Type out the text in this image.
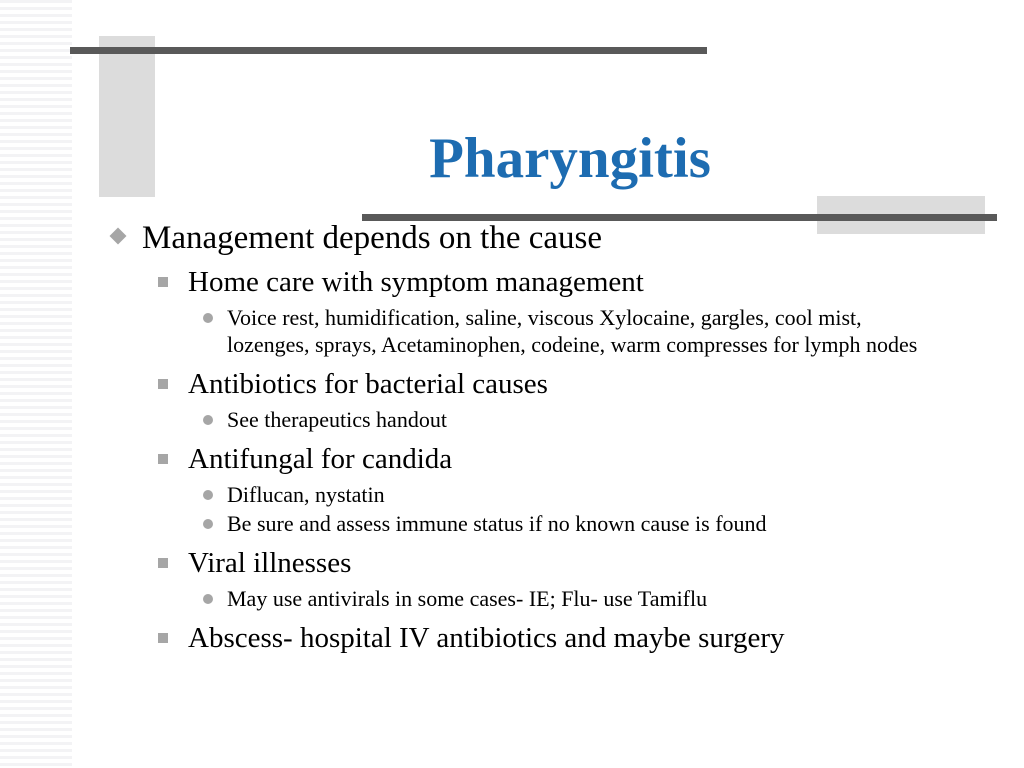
Pharyngitis
Management depends on the cause
Home care with symptom management
Voice rest, humidification, saline, viscous Xylocaine, gargles, cool mist, lozenges, sprays, Acetaminophen, codeine, warm compresses for lymph nodes
Antibiotics for bacterial causes
See therapeutics handout
Antifungal for candida
Diflucan, nystatin
Be sure and assess immune status if no known cause is found
Viral illnesses
May use antivirals in some cases- IE; Flu- use Tamiflu
Abscess- hospital IV antibiotics and maybe surgery
